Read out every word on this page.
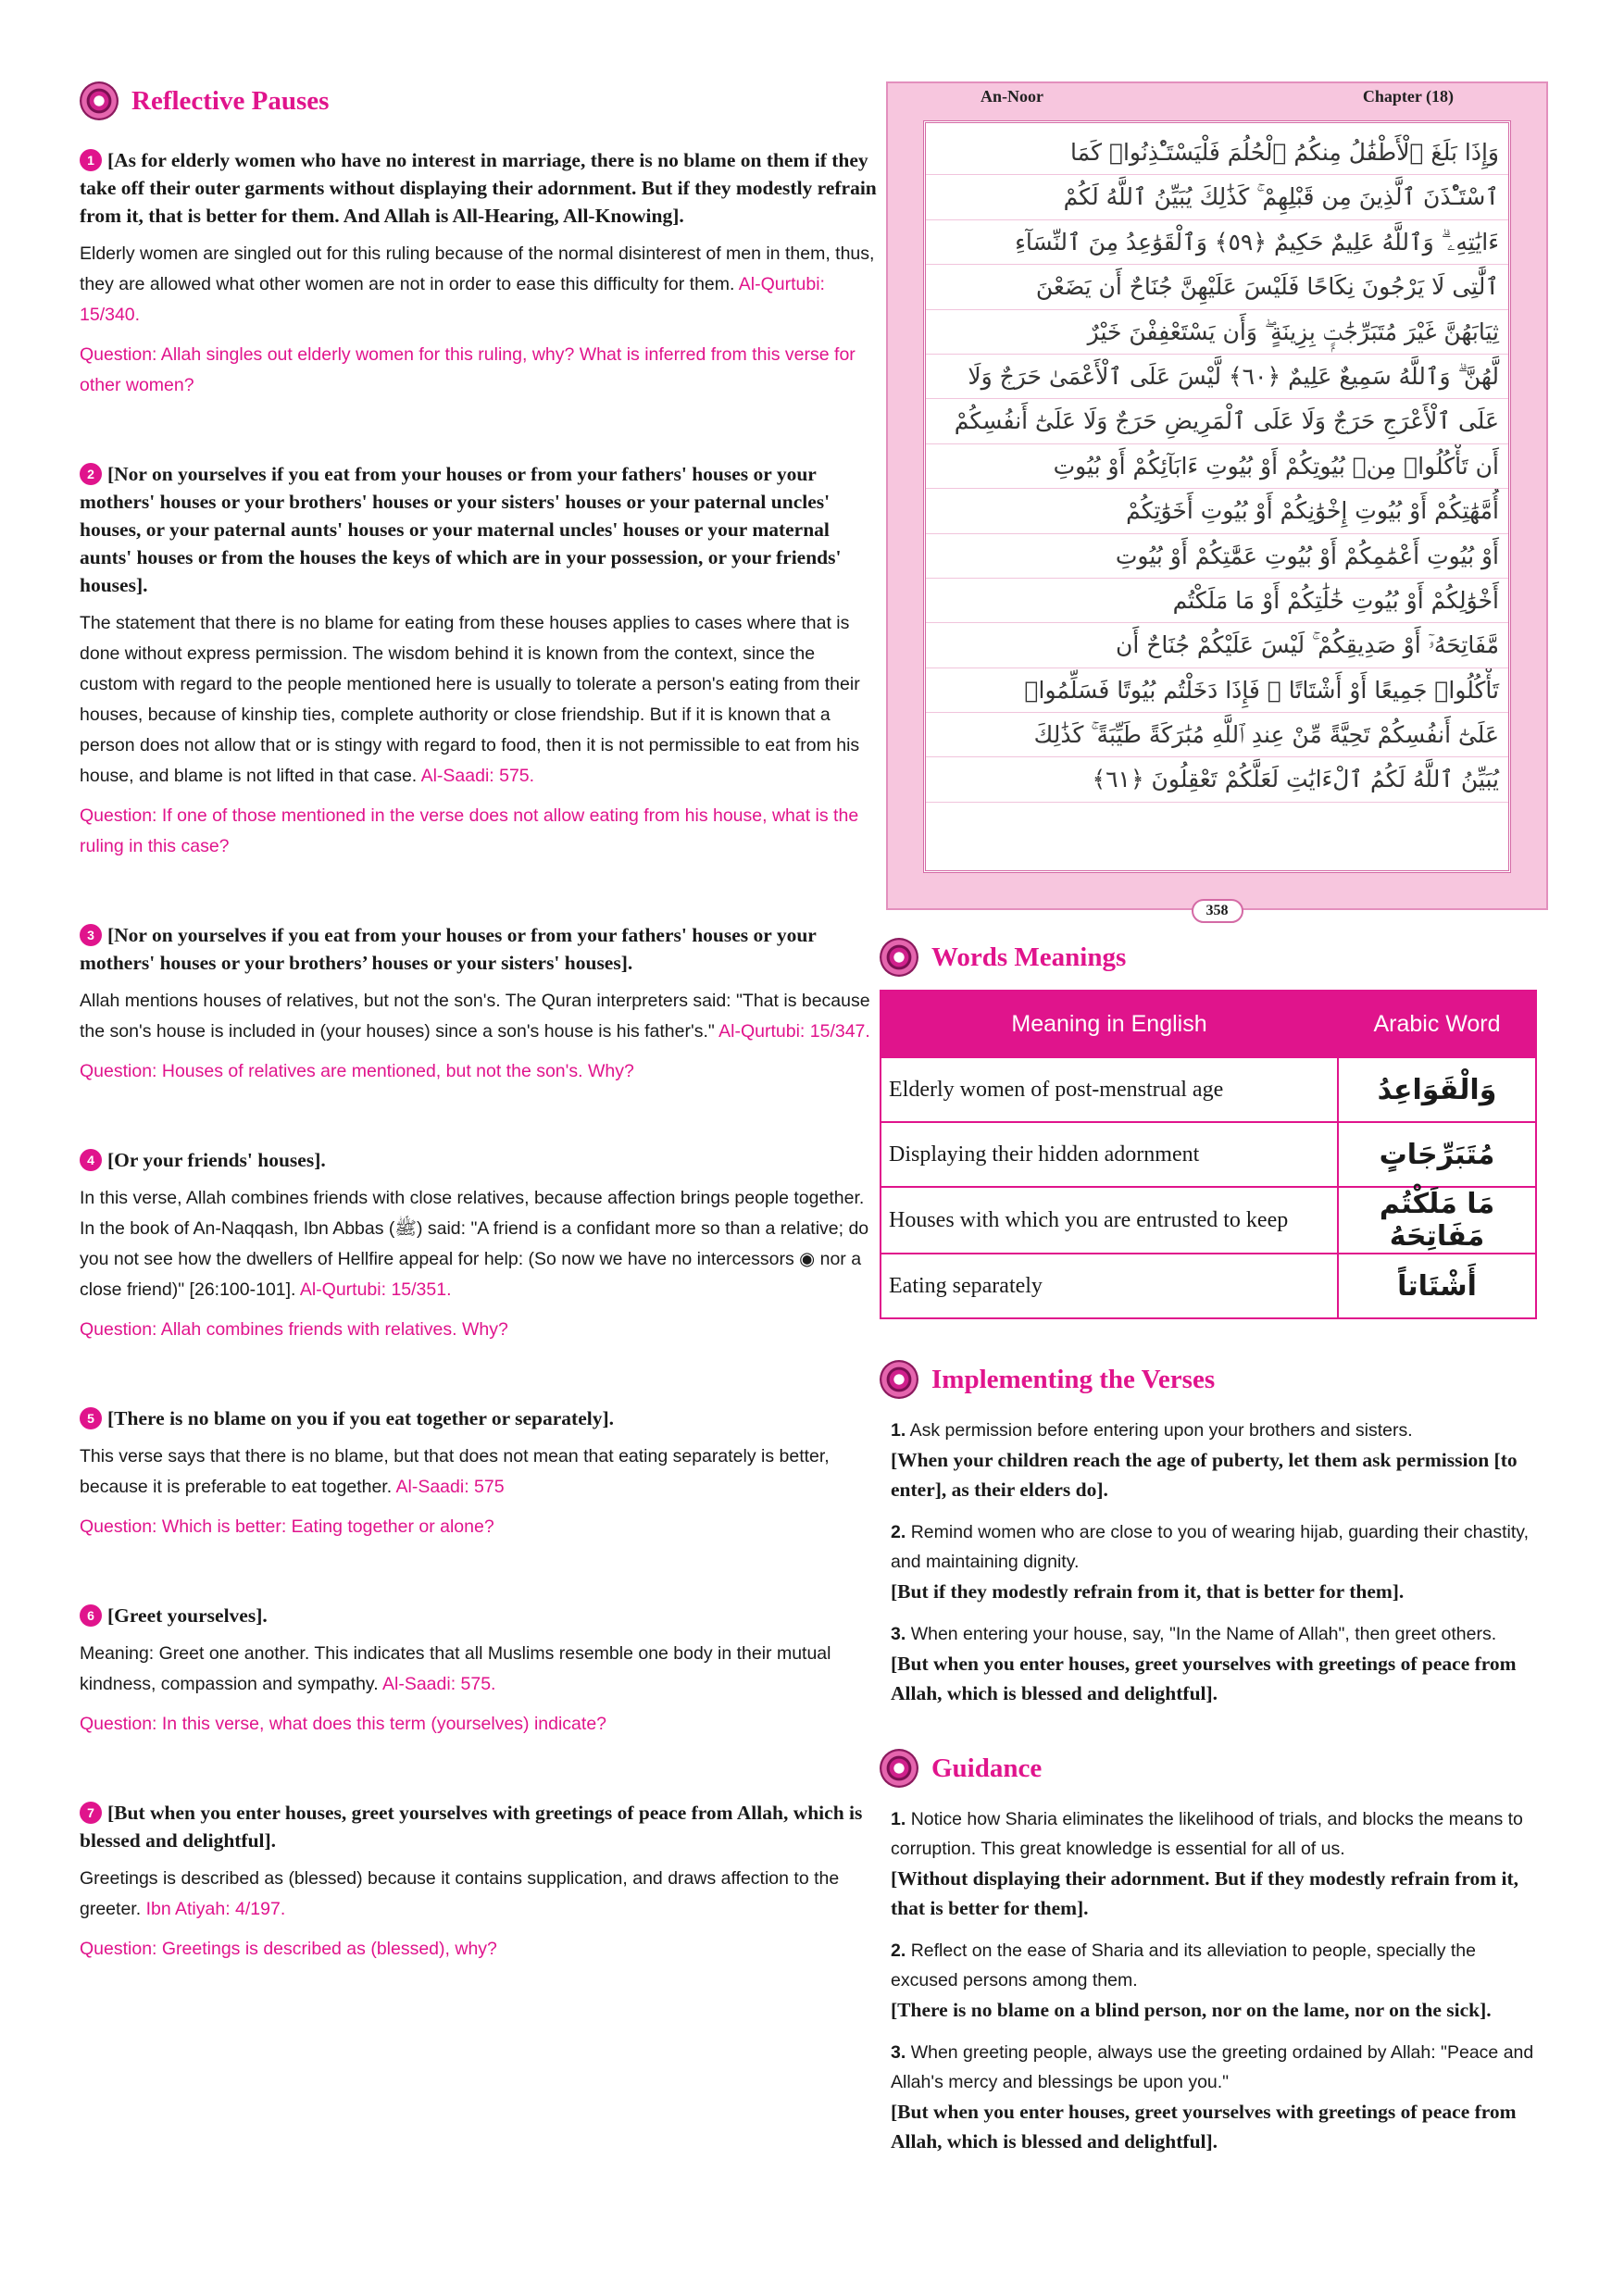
Reflective Pauses

1 [As for elderly women who have no interest in marriage, there is no blame on them if they take off their outer garments without displaying their adornment. But if they modestly refrain from it, that is better for them. And Allah is All-Hearing, All-Knowing].

Elderly women are singled out for this ruling because of the normal disinterest of men in them, thus, they are allowed what other women are not in order to ease this difficulty for them. Al-Qurtubi: 15/340.

Question: Allah singles out elderly women for this ruling, why? What is inferred from this verse for other women?

2 [Nor on yourselves if you eat from your houses or from your fathers' houses or your mothers' houses or your brothers' houses or your sisters' houses or your paternal uncles' houses, or your paternal aunts' houses or your maternal uncles' houses or your maternal aunts' houses or from the houses the keys of which are in your possession, or your friends' houses].

The statement that there is no blame for eating from these houses applies to cases where that is done without express permission. The wisdom behind it is known from the context, since the custom with regard to the people mentioned here is usually to tolerate a person's eating from their houses, because of kinship ties, complete authority or close friendship. But if it is known that a person does not allow that or is stingy with regard to food, then it is not permissible to eat from his house, and blame is not lifted in that case. Al-Saadi: 575.

Question: If one of those mentioned in the verse does not allow eating from his house, what is the ruling in this case?

3 [Nor on yourselves if you eat from your houses or from your fathers' houses or your mothers' houses or your brothers’ houses or your sisters' houses].

Allah mentions houses of relatives, but not the son's. The Quran interpreters said: "That is because the son's house is included in (your houses) since a son's house is his father's." Al-Qurtubi: 15/347.

Question: Houses of relatives are mentioned, but not the son's. Why?

4 [Or your friends' houses].

In this verse, Allah combines friends with close relatives, because affection brings people together. In the book of An-Naqqash, Ibn Abbas (ﷺ) said: "A friend is a confidant more so than a relative; do you not see how the dwellers of Hellfire appeal for help: (So now we have no intercessors ◉ nor a close friend)" [26:100-101]. Al-Qurtubi: 15/351.

Question: Allah combines friends with relatives. Why?

5 [There is no blame on you if you eat together or separately].

This verse says that there is no blame, but that does not mean that eating separately is better, because it is preferable to eat together. Al-Saadi: 575

Question: Which is better: Eating together or alone?

6 [Greet yourselves].

Meaning: Greet one another. This indicates that all Muslims resemble one body in their mutual kindness, compassion and sympathy. Al-Saadi: 575.

Question: In this verse, what does this term (yourselves) indicate?

7 [But when you enter houses, greet yourselves with greetings of peace from Allah, which is blessed and delightful].

Greetings is described as (blessed) because it contains supplication, and draws affection to the greeter. Ibn Atiyah: 4/197.

Question: Greetings is described as (blessed), why?

An-Noor	Chapter (18)
وَإِذَا بَلَغَ ٱلْأَطْفَٰلُ مِنكُمُ ٱلْحُلُمَ فَلْيَسْتَـْٔذِنُوا۟ كَمَا
ٱسْتَـْٔذَنَ ٱلَّذِينَ مِن قَبْلِهِمْ ۚ كَذَٰلِكَ يُبَيِّنُ ٱللَّهُ لَكُمْ
ءَايَٰتِهِۦ ۗ وَٱللَّهُ عَلِيمٌ حَكِيمٌ ﴿٥٩﴾ وَٱلْقَوَٰعِدُ مِنَ ٱلنِّسَآءِ
ٱلَّٰتِى لَا يَرْجُونَ نِكَاحًا فَلَيْسَ عَلَيْهِنَّ جُنَاحٌ أَن يَضَعْنَ
ثِيَابَهُنَّ غَيْرَ مُتَبَرِّجَٰتٍۭ بِزِينَةٍ ۖ وَأَن يَسْتَعْفِفْنَ خَيْرٌ
لَّهُنَّ ۗ وَٱللَّهُ سَمِيعٌ عَلِيمٌ ﴿٦٠﴾ لَّيْسَ عَلَى ٱلْأَعْمَىٰ حَرَجٌ وَلَا
عَلَى ٱلْأَعْرَجِ حَرَجٌ وَلَا عَلَى ٱلْمَرِيضِ حَرَجٌ وَلَا عَلَىٰٓ أَنفُسِكُمْ
أَن تَأْكُلُوا۟ مِنۢ بُيُوتِكُمْ أَوْ بُيُوتِ ءَابَآئِكُمْ أَوْ بُيُوتِ
أُمَّهَٰتِكُمْ أَوْ بُيُوتِ إِخْوَٰنِكُمْ أَوْ بُيُوتِ أَخَوَٰتِكُمْ
أَوْ بُيُوتِ أَعْمَٰمِكُمْ أَوْ بُيُوتِ عَمَّٰتِكُمْ أَوْ بُيُوتِ
أَخْوَٰلِكُمْ أَوْ بُيُوتِ خَٰلَٰتِكُمْ أَوْ مَا مَلَكْتُم
مَّفَاتِحَهُۥٓ أَوْ صَدِيقِكُمْ ۚ لَيْسَ عَلَيْكُمْ جُنَاحٌ أَن
تَأْكُلُوا۟ جَمِيعًا أَوْ أَشْتَاتًا ۚ فَإِذَا دَخَلْتُم بُيُوتًا فَسَلِّمُوا۟
عَلَىٰٓ أَنفُسِكُمْ تَحِيَّةً مِّنْ عِندِ ٱللَّهِ مُبَٰرَكَةً طَيِّبَةً ۚ كَذَٰلِكَ
يُبَيِّنُ ٱللَّهُ لَكُمُ ٱلْءَايَٰتِ لَعَلَّكُمْ تَعْقِلُونَ ﴿٦١﴾
358
Words Meanings
Meaning in English	Arabic Word
Elderly women of post-menstrual age	وَالْقَوَاعِدُ
Displaying their hidden adornment	مُتَبَرِّجَاتٍ
Houses with which you are entrusted to keep	مَا مَلَكْتُم مَفَاتِحَهُ
Eating separately	أَشْتَاتاً
Implementing the Verses

1. Ask permission before entering upon your brothers and sisters.

[When your children reach the age of puberty, let them ask permission [to enter], as their elders do].

2. Remind women who are close to you of wearing hijab, guarding their chastity, and maintaining dignity.

[But if they modestly refrain from it, that is better for them].

3. When entering your house, say, "In the Name of Allah", then greet others.

[But when you enter houses, greet yourselves with greetings of peace from Allah, which is blessed and delightful].

Guidance

1. Notice how Sharia eliminates the likelihood of trials, and blocks the means to corruption. This great knowledge is essential for all of us.

[Without displaying their adornment. But if they modestly refrain from it, that is better for them].

2. Reflect on the ease of Sharia and its alleviation to people, specially the excused persons among them.

[There is no blame on a blind person, nor on the lame, nor on the sick].

3. When greeting people, always use the greeting ordained by Allah: "Peace and Allah's mercy and blessings be upon you."

[But when you enter houses, greet yourselves with greetings of peace from Allah, which is blessed and delightful].
